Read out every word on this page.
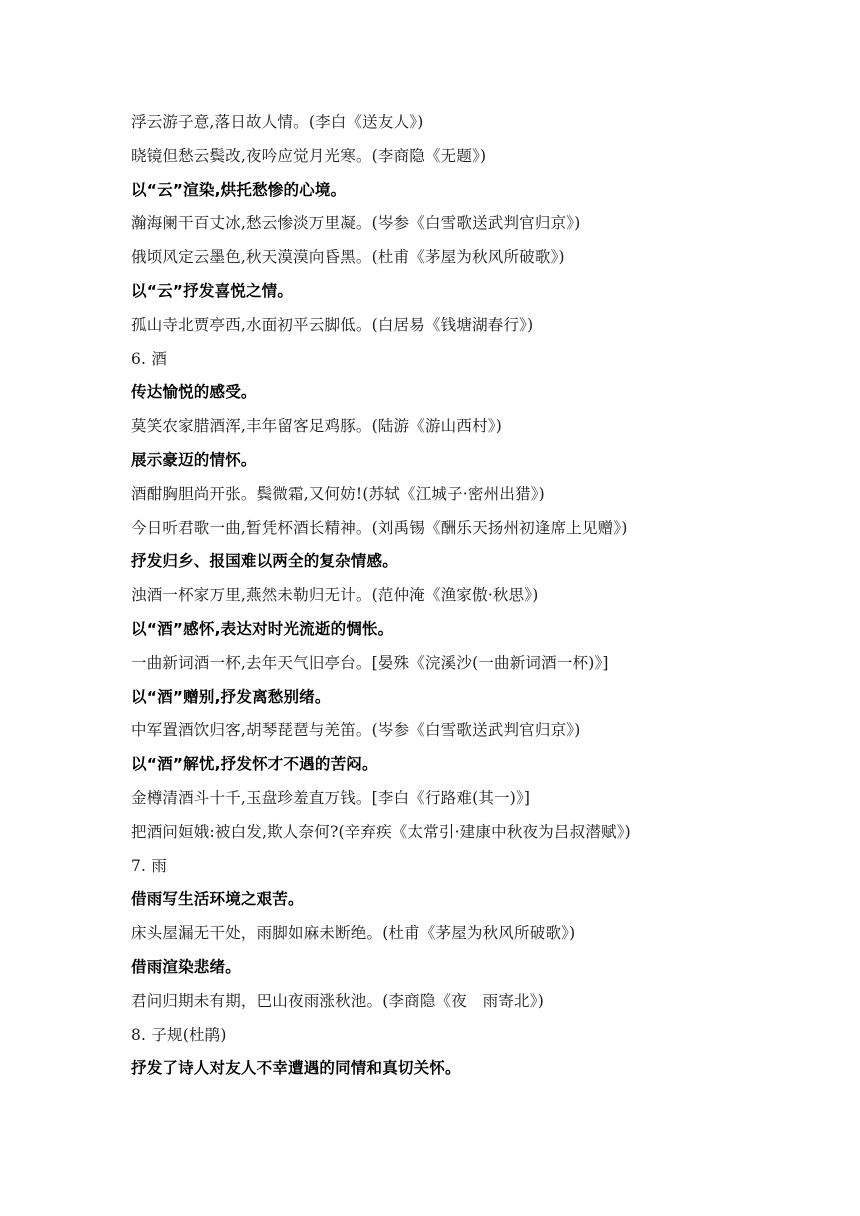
浮云游子意,落日故人情。(李白《送友人》)
晓镜但愁云鬓改,夜吟应觉月光寒。(李商隐《无题》)
以“云”渲染,烘托愁惨的心境。
瀚海阑干百丈冰,愁云惨淡万里凝。(岑参《白雪歌送武判官归京》)
俄顷风定云墨色,秋天漠漠向昏黑。(杜甫《茅屋为秋风所破歌》)
以“云”抒发喜悦之情。
孤山寺北贾亭西,水面初平云脚低。(白居易《钱塘湖春行》)
6. 酒
传达愉悦的感受。
莫笑农家腊酒浑,丰年留客足鸡豚。(陆游《游山西村》)
展示豪迈的情怀。
酒酣胸胆尚开张。鬓微霜,又何妨!(苏轼《江城子·密州出猎》)
今日听君歌一曲,暂凭杯酒长精神。(刘禹锡《酬乐天扬州初逢席上见赠》)
抒发归乡、报国难以两全的复杂情感。
浊酒一杯家万里,燕然未勒归无计。(范仲淹《渔家傲·秋思》)
以“酒”感怀,表达对时光流逝的惆怅。
一曲新词酒一杯,去年天气旧亭台。[晏殊《浣溪沙(一曲新词酒一杯)》]
以“酒”赠别,抒发离愁别绪。
中军置酒饮归客,胡琴琵琶与羌笛。(岑参《白雪歌送武判官归京》)
以“酒”解忧,抒发怀才不遇的苦闷。
金樽清酒斗十千,玉盘珍羞直万钱。[李白《行路难(其一)》]
把酒问姮娥:被白发,欺人奈何?(辛弃疾《太常引·建康中秋夜为吕叔潜赋》)
7. 雨
借雨写生活环境之艰苦。
床头屋漏无干处，雨脚如麻未断绝。(杜甫《茅屋为秋风所破歌》)
借雨渲染悲绪。
君问归期未有期，巴山夜雨涨秋池。(李商隐《夜　雨寄北》)
8. 子规(杜鹃)
抒发了诗人对友人不幸遭遇的同情和真切关怀。
